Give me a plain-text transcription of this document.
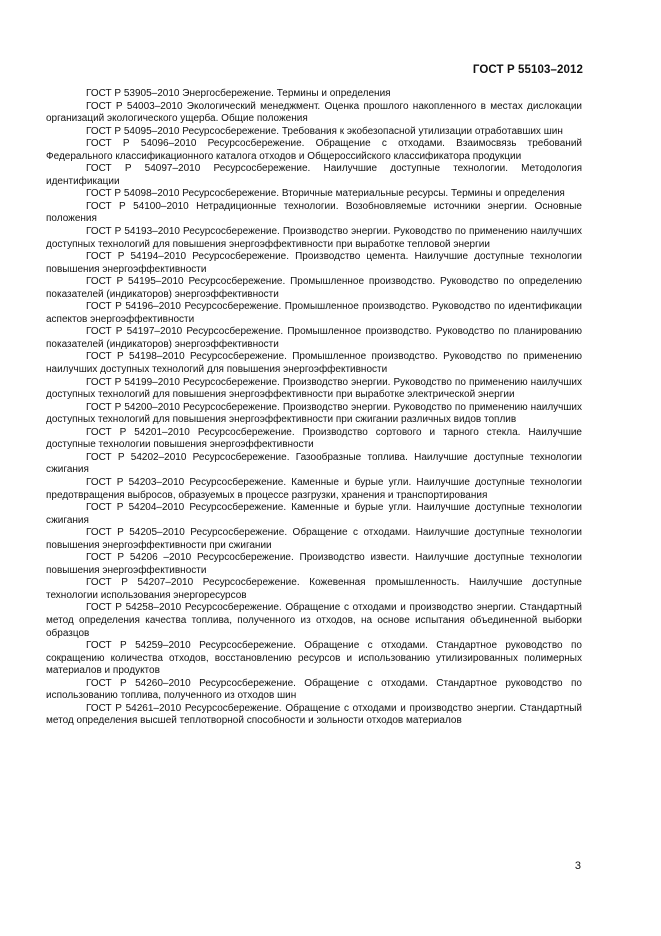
ГОСТ Р 55103–2012

ГОСТ Р 53905–2010 Энергосбережение. Термины и определения

ГОСТ Р 54003–2010 Экологический менеджмент. Оценка прошлого накопленного в местах дислокации организаций экологического ущерба. Общие положения

ГОСТ Р 54095–2010 Ресурсосбережение. Требования к экобезопасной утилизации отработавших шин

ГОСТ Р 54096–2010 Ресурсосбережение. Обращение с отходами. Взаимосвязь требований Федерального классификационного каталога отходов и Общероссийского классификатора продукции

ГОСТ Р 54097–2010 Ресурсосбережение. Наилучшие доступные технологии. Методология идентификации

ГОСТ Р 54098–2010 Ресурсосбережение. Вторичные материальные ресурсы. Термины и определения

ГОСТ Р 54100–2010 Нетрадиционные технологии. Возобновляемые источники энергии. Основные положения

ГОСТ Р 54193–2010 Ресурсосбережение. Производство энергии. Руководство по применению наилучших доступных технологий для повышения энергоэффективности при выработке тепловой энергии

ГОСТ Р 54194–2010 Ресурсосбережение. Производство цемента. Наилучшие доступные технологии повышения энергоэффективности

ГОСТ Р 54195–2010 Ресурсосбережение. Промышленное производство. Руководство по определению показателей (индикаторов) энергоэффективности

ГОСТ Р 54196–2010 Ресурсосбережение. Промышленное производство. Руководство по идентификации аспектов энергоэффективности

ГОСТ Р 54197–2010 Ресурсосбережение. Промышленное производство. Руководство по планированию показателей (индикаторов) энергоэффективности

ГОСТ Р 54198–2010 Ресурсосбережение. Промышленное производство. Руководство по применению наилучших доступных технологий для повышения энергоэффективности

ГОСТ Р 54199–2010 Ресурсосбережение. Производство энергии. Руководство по применению наилучших доступных технологий для повышения энергоэффективности при выработке электрической энергии

ГОСТ Р 54200–2010 Ресурсосбережение. Производство энергии. Руководство по применению наилучших доступных технологий для повышения энергоэффективности при сжигании различных видов топлив

ГОСТ Р 54201–2010 Ресурсосбережение. Производство сортового и тарного стекла. Наилучшие доступные технологии повышения энергоэффективности

ГОСТ Р 54202–2010 Ресурсосбережение. Газообразные топлива. Наилучшие доступные технологии сжигания

ГОСТ Р 54203–2010 Ресурсосбережение. Каменные и бурые угли. Наилучшие доступные технологии предотвращения выбросов, образуемых в процессе разгрузки, хранения и транспортирования

ГОСТ Р 54204–2010 Ресурсосбережение. Каменные и бурые угли. Наилучшие доступные технологии сжигания

ГОСТ Р 54205–2010 Ресурсосбережение. Обращение с отходами. Наилучшие доступные технологии повышения энергоэффективности при сжигании

ГОСТ Р 54206 –2010 Ресурсосбережение. Производство извести. Наилучшие доступные технологии повышения энергоэффективности

ГОСТ Р 54207–2010 Ресурсосбережение. Кожевенная промышленность. Наилучшие доступные технологии использования энергоресурсов

ГОСТ Р 54258–2010 Ресурсосбережение. Обращение с отходами и производство энергии. Стандартный метод определения качества топлива, полученного из отходов, на основе испытания объединенной выборки образцов

ГОСТ Р 54259–2010 Ресурсосбережение. Обращение с отходами. Стандартное руководство по сокращению количества отходов, восстановлению ресурсов и использованию утилизированных полимерных материалов и продуктов

ГОСТ Р 54260–2010 Ресурсосбережение. Обращение с отходами. Стандартное руководство по использованию топлива, полученного из отходов шин

ГОСТ Р 54261–2010 Ресурсосбережение. Обращение с отходами и производство энергии. Стандартный метод определения высшей теплотворной способности и зольности отходов материалов

3
